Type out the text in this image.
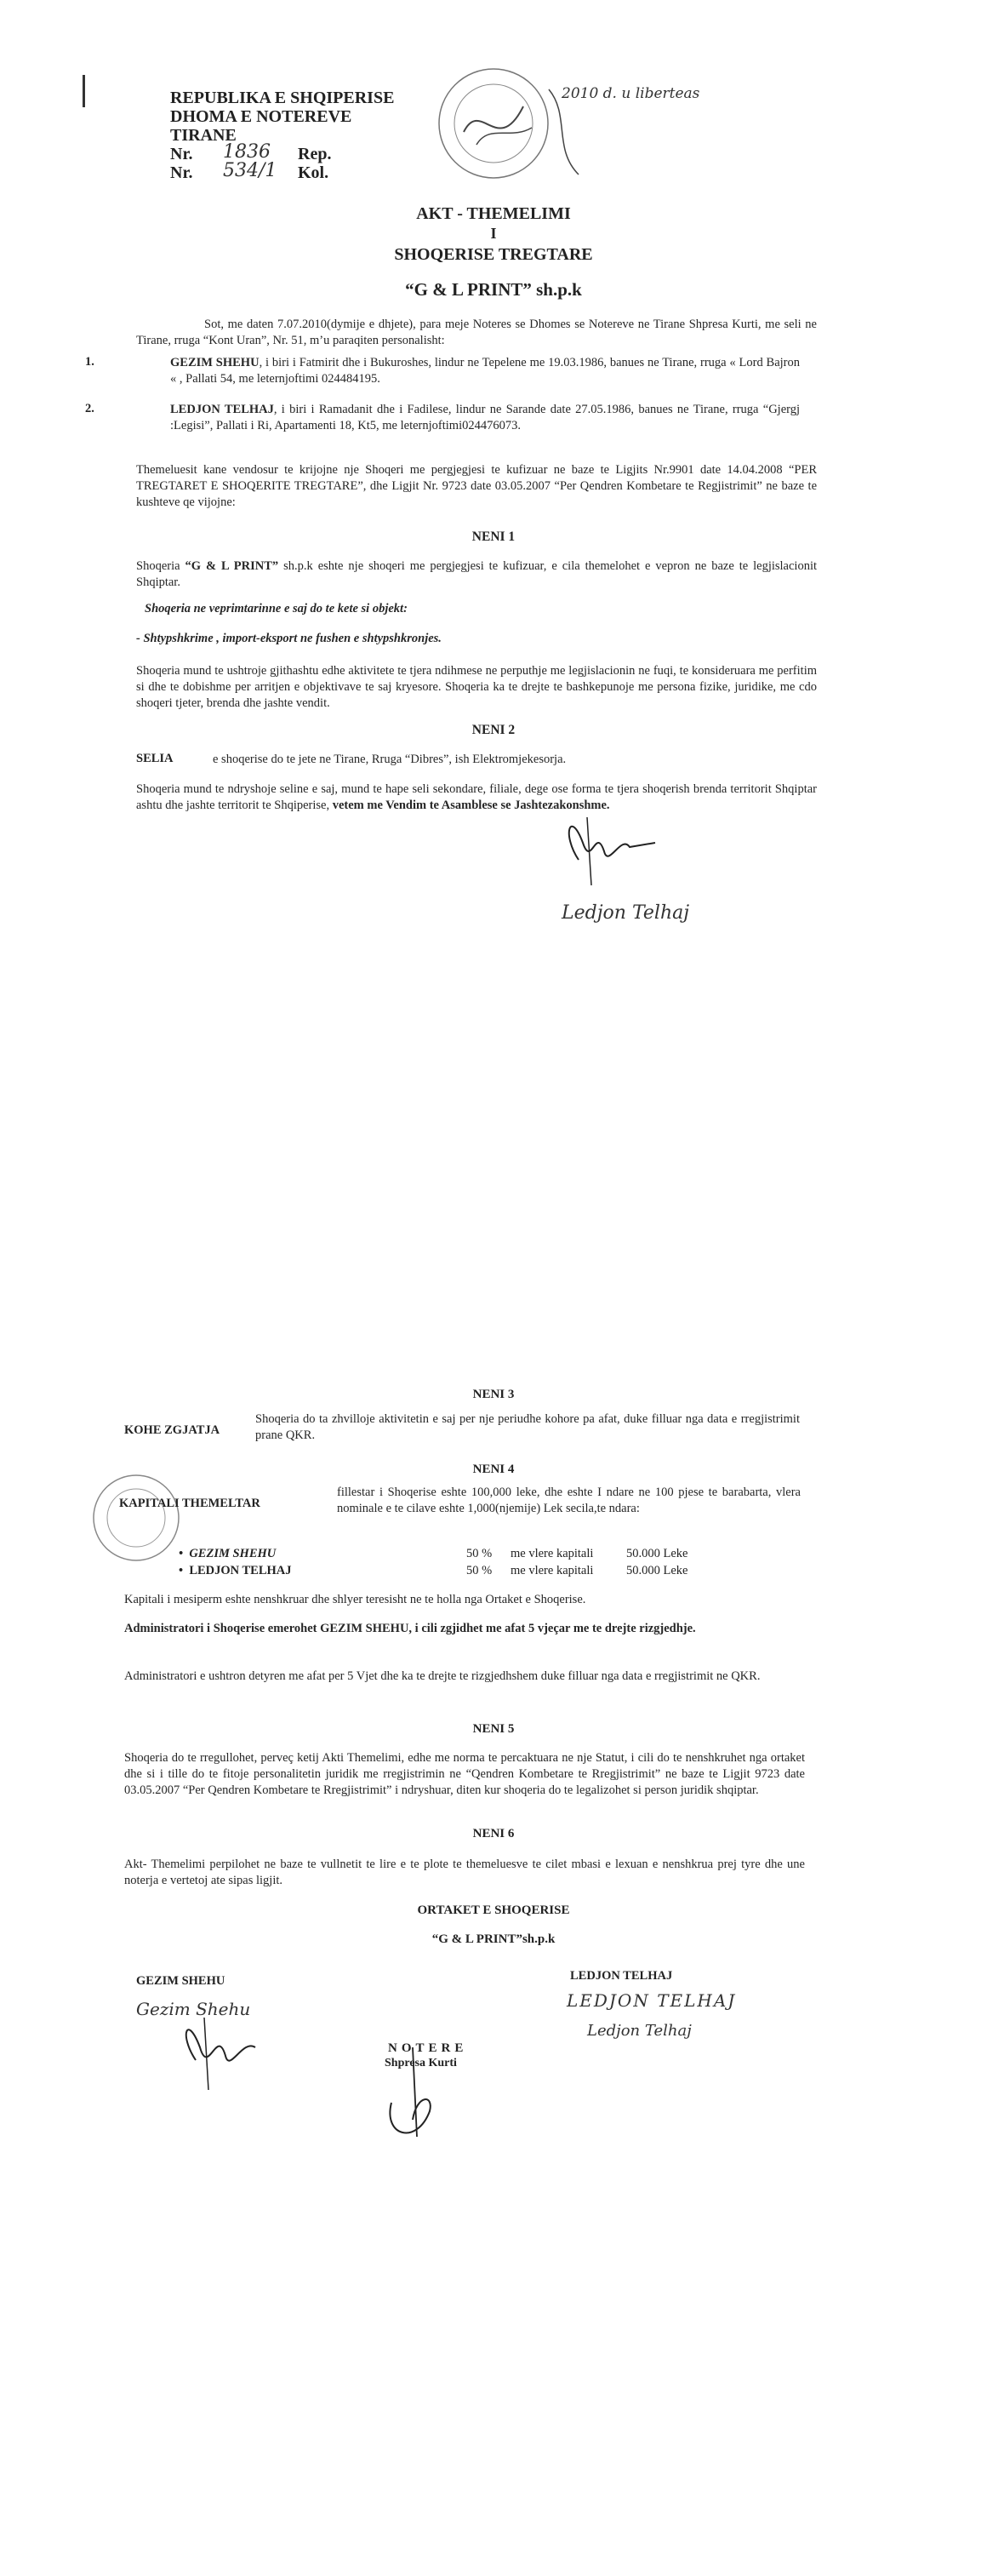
REPUBLIKA E SHQIPERISE
DHOMA E NOTEREVE
TIRANE
Nr. 1836 Rep.
Nr. 534/1 Kol.
2010 d. u liberteas
AKT - THEMELIMI
I
SHOQERISE TREGTARE
“G & L PRINT” sh.p.k
Sot, me daten 7.07.2010(dymije e dhjete), para meje Noteres se Dhomes se Notereve ne Tirane Shpresa Kurti, me seli ne Tirane, rruga “Kont Uran”, Nr. 51, m’u paraqiten personalisht:
1.	GEZIM SHEHU, i biri i Fatmirit dhe i Bukuroshes, lindur ne Tepelene me 19.03.1986, banues ne Tirane, rruga « Lord Bajron « , Pallati 54, me leternjoftimi 024484195.
2.	LEDJON TELHAJ, i biri i Ramadanit dhe i Fadilese, lindur ne Sarande date 27.05.1986, banues ne Tirane, rruga “Gjergj :Legisi”, Pallati i Ri, Apartamenti 18, Kt5, me leternjoftimi024476073.
Themeluesit kane vendosur te krijojne nje Shoqeri me pergjegjesi te kufizuar ne baze te Ligjits Nr.9901 date 14.04.2008 “PER TREGTARET E SHOQERITE TREGTARE”, dhe Ligjit Nr. 9723 date 03.05.2007 “Per Qendren Kombetare te Regjistrimit” ne baze te kushteve qe vijojne:
NENI 1
Shoqeria “G & L PRINT” sh.p.k eshte nje shoqeri me pergjegjesi te kufizuar, e cila themelohet e vepron ne baze te legjislacionit Shqiptar.
Shoqeria ne veprimtarinne e saj do te kete si objekt:
- Shtypshkrime , import-eksport ne fushen e shtypshkronjes.
Shoqeria mund te ushtroje gjithashtu edhe aktivitete te tjera ndihmese ne perputhje me legjislacionin ne fuqi, te konsideruara me perfitim si dhe te dobishme per arritjen e objektivave te saj kryesore. Shoqeria ka te drejte te bashkepunoje me persona fizike, juridike, me cdo shoqeri tjeter, brenda dhe jashte vendit.
NENI 2
SELIA	e shoqerise do te jete ne Tirane, Rruga “Dibres”, ish Elektromjekesorja.
Shoqeria mund te ndryshoje seline e saj, mund te hape seli sekondare, filiale, dege ose forma te tjera shoqerish brenda territorit Shqiptar ashtu dhe jashte territorit te Shqiperise, vetem me Vendim te Asamblese se Jashtezakonshme.
Ledjon Telhaj
NENI 3
KOHE ZGJATJA
Shoqeria do ta zhvilloje aktivitetin e saj per nje periudhe kohore pa afat, duke filluar nga data e rregjistrimit prane QKR.
NENI 4
KAPITALI THEMELTAR
fillestar i Shoqerise eshte 100,000 leke, dhe eshte I ndare ne 100 pjese te barabarta, vlera nominale e te cilave eshte 1,000(njemije) Lek secila,te ndara:
•  GEZIM SHEHU	50 % me vlere kapitali	50.000 Leke
•  LEDJON TELHAJ	50 % me vlere kapitali	50.000 Leke
Kapitali i mesiperm eshte nenshkruar dhe shlyer teresisht ne te holla nga Ortaket e Shoqerise.
Administratori i Shoqerise emerohet GEZIM SHEHU, i cili zgjidhet me afat 5 vjeçar me te drejte rizgjedhje.
Administratori e ushtron detyren me afat per 5 Vjet dhe ka te drejte te rizgjedhshem duke filluar nga data e rregjistrimit ne QKR.
NENI 5
Shoqeria do te rregullohet, perveç ketij Akti Themelimi, edhe me norma te percaktuara ne nje Statut, i cili do te nenshkruhet nga ortaket dhe si i tille do te fitoje personalitetin juridik me rregjistrimin ne “Qendren Kombetare te Rregjistrimit” ne baze te Ligjit 9723 date 03.05.2007 “Per Qendren Kombetare te Rregjistrimit” i ndryshuar, diten kur shoqeria do te legalizohet si person juridik shqiptar.
NENI 6
Akt- Themelimi perpilohet ne baze te vullnetit te lire e te plote te themeluesve te cilet mbasi e lexuan e nenshkrua prej tyre dhe une noterja e vertetoj ate sipas ligjit.
ORTAKET E SHOQERISE
“G & L PRINT”sh.p.k
GEZIM SHEHU
Gezim Shehu
LEDJON TELHAJ
LEDJON TELHAJ
Ledjon Telhaj
NOTERE
Shpresa Kurti
